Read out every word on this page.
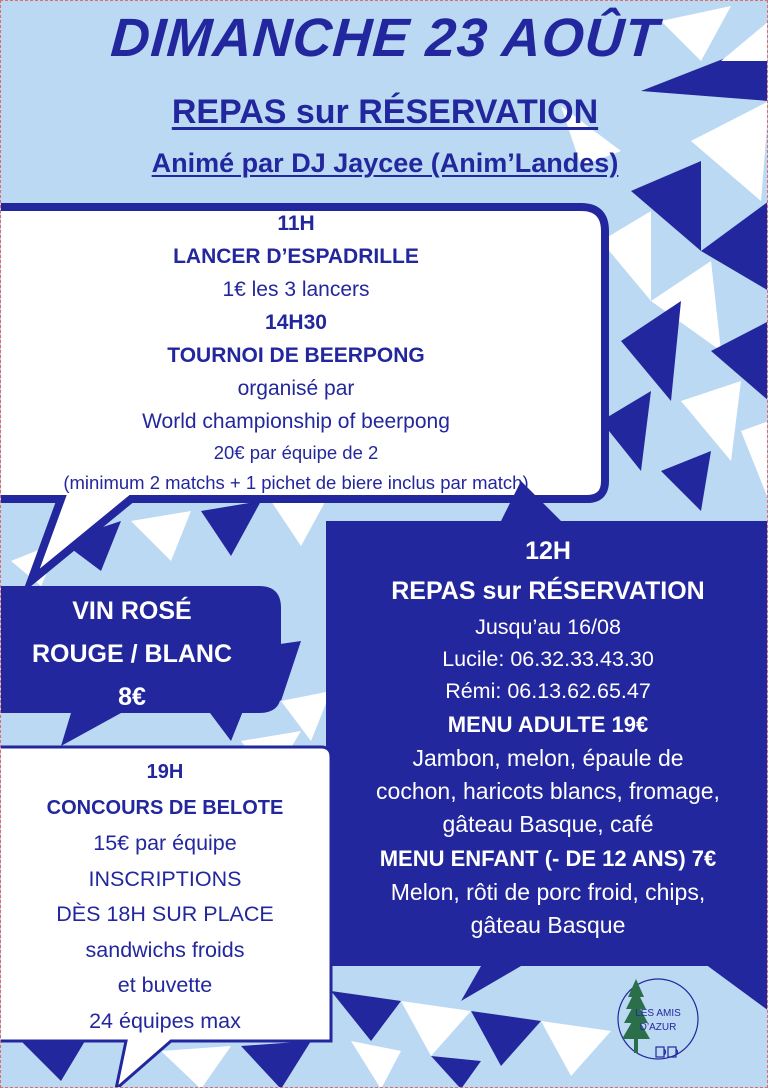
DIMANCHE 23 AOÛT
REPAS sur RÉSERVATION
Animé par DJ Jaycee (Anim’Landes)
11H
LANCER D’ESPADRILLE
1€ les 3 lancers
14H30
TOURNOI DE BEERPONG
organisé par
World championship of beerpong
20€ par équipe de 2
(minimum 2 matchs + 1 pichet de biere inclus par match)
VIN ROSÉ
ROUGE / BLANC
8€
12H
REPAS sur RÉSERVATION
Jusqu’au 16/08
Lucile: 06.32.33.43.30
Rémi: 06.13.62.65.47
MENU ADULTE 19€
Jambon, melon, épaule de
cochon, haricots blancs, fromage,
gâteau Basque, café
MENU ENFANT (- DE 12 ANS) 7€
Melon, rôti de porc froid, chips,
gâteau Basque
19H
CONCOURS DE BELOTE
15€ par équipe
INSCRIPTIONS
DÈS 18H SUR PLACE
sandwichs froids
et buvette
24 équipes max	LES AMIS
D’AZUR
